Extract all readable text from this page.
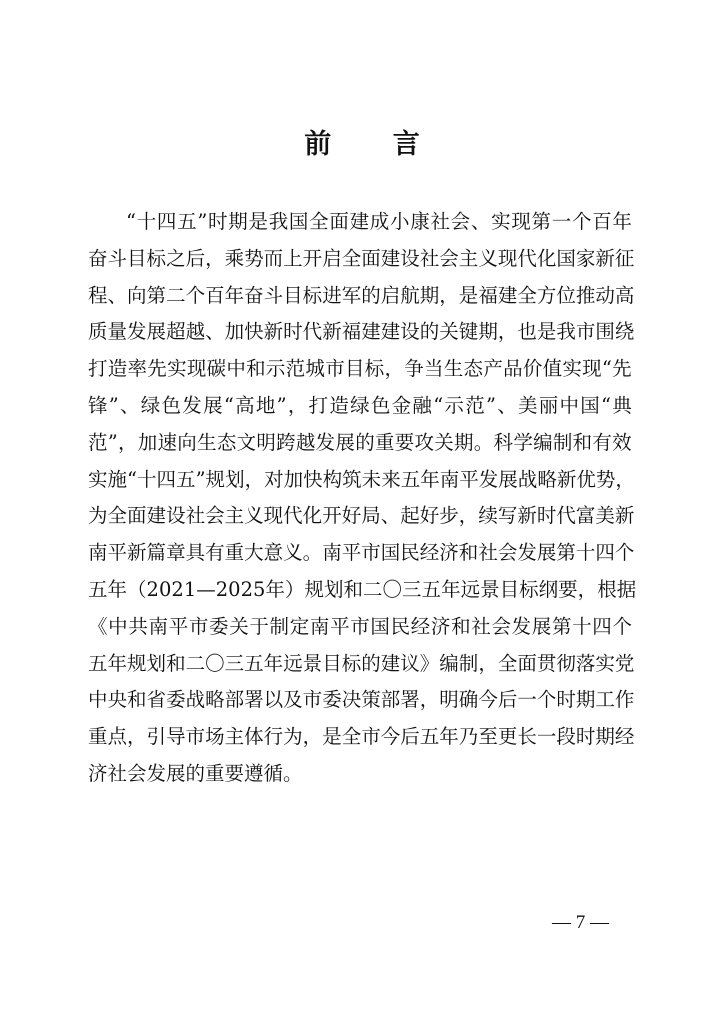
前 言
“ 十 四 五 ” 时 期 是 我 国 全 面 建 成 小 康 社 会 、 实 现 第 一 个 百 年
奋 斗 目 标 之 后 ， 乘 势 而 上 开 启 全 面 建 设 社 会 主 义 现 代 化 国 家 新 征
程 、 向 第 二 个 百 年 奋 斗 目 标 进 军 的 启 航 期 ， 是 福 建 全 方 位 推 动 高
质 量 发 展 超 越 、 加 快 新 时 代 新 福 建 建 设 的 关 键 期 ， 也 是 我 市 围 绕
打 造 率 先 实 现 碳 中 和 示 范 城 市 目 标 ， 争 当 生 态 产 品 价 值 实 现 “ 先
锋 ” 、 绿 色 发 展 “ 高 地 ” ， 打 造 绿 色 金 融 “ 示 范 ” 、 美 丽 中 国 “ 典
范 ” ， 加 速 向 生 态 文 明 跨 越 发 展 的 重 要 攻 关 期 。 科 学 编 制 和 有 效
实 施 “ 十 四 五 ” 规 划 ， 对 加 快 构 筑 未 来 五 年 南 平 发 展 战 略 新 优 势 ，
为 全 面 建 设 社 会 主 义 现 代 化 开 好 局 、 起 好 步 ， 续 写 新 时 代 富 美 新
南 平 新 篇 章 具 有 重 大 意 义 。 南 平 市 国 民 经 济 和 社 会 发 展 第 十 四 个
五 年 （ 2 0 2 1 — 2 0 2 5 年 ） 规 划 和 二 〇 三 五 年 远 景 目 标 纲 要 ， 根 据
《 中 共 南 平 市 委 关 于 制 定 南 平 市 国 民 经 济 和 社 会 发 展 第 十 四 个
五 年 规 划 和 二 〇 三 五 年 远 景 目 标 的 建 议 》 编 制 ， 全 面 贯 彻 落 实 党
中 央 和 省 委 战 略 部 署 以 及 市 委 决 策 部 署 ， 明 确 今 后 一 个 时 期 工 作
重 点 ， 引 导 市 场 主 体 行 为 ， 是 全 市 今 后 五 年 乃 至 更 长 一 段 时 期 经
济社会发展的重要遵循。
— 7 —
